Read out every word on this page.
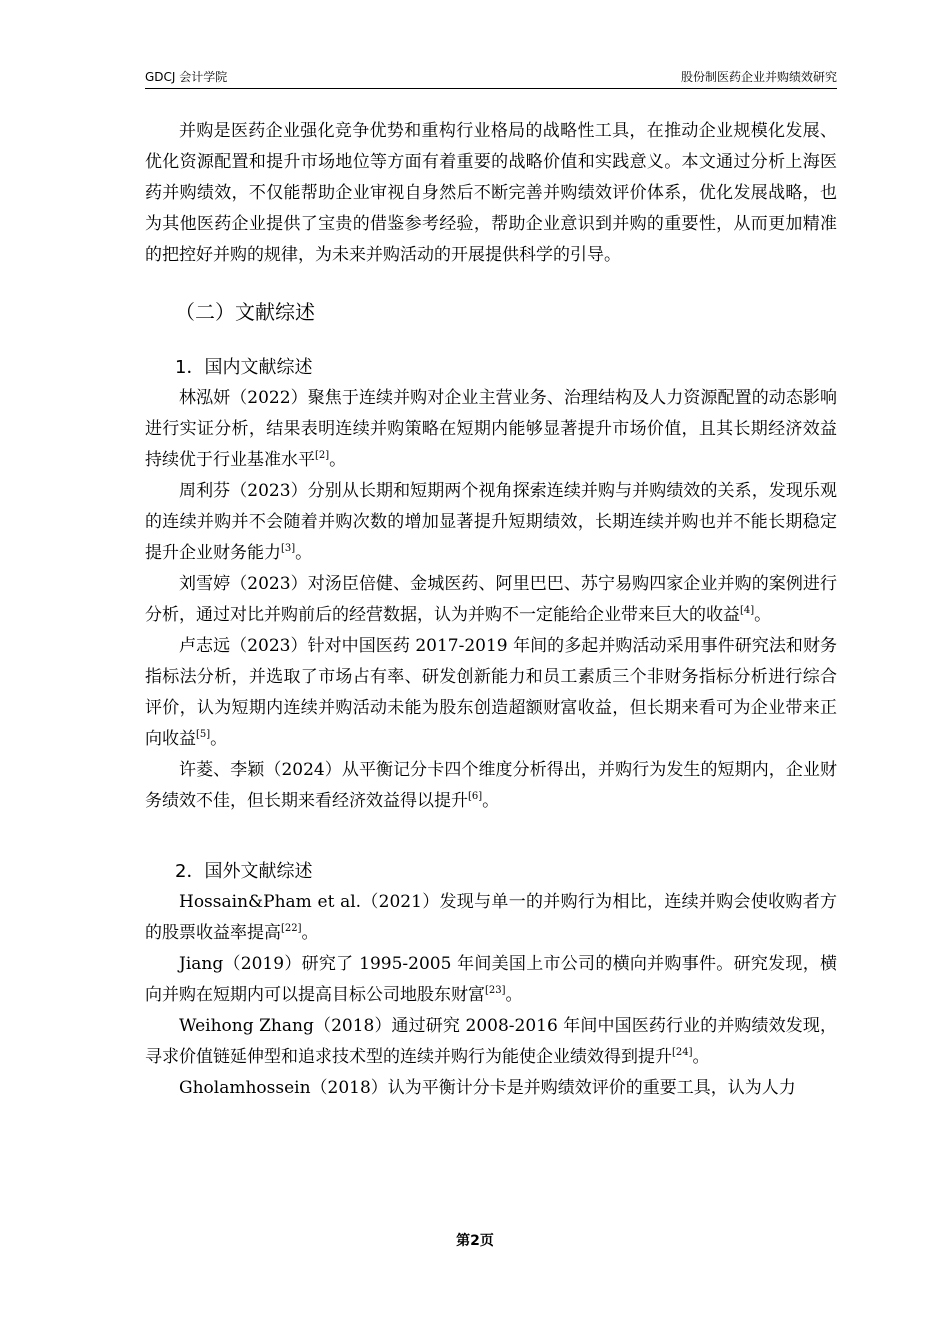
GDCJ 会计学院	股份制医药企业并购绩效研究

并购是医药企业强化竞争优势和重构行业格局的战略性工具，在推动企业规模化发展、优化资源配置和提升市场地位等方面有着重要的战略价值和实践意义。本文通过分析上海医药并购绩效，不仅能帮助企业审视自身然后不断完善并购绩效评价体系，优化发展战略，也为其他医药企业提供了宝贵的借鉴参考经验，帮助企业意识到并购的重要性，从而更加精准的把控好并购的规律，为未来并购活动的开展提供科学的引导。

（二）文献综述
1．国内文献综述

林泓妍（2022）聚焦于连续并购对企业主营业务、治理结构及人力资源配置的动态影响进行实证分析，结果表明连续并购策略在短期内能够显著提升市场价值，且其长期经济效益持续优于行业基准水平[2]。

周利芬（2023）分别从长期和短期两个视角探索连续并购与并购绩效的关系，发现乐观的连续并购并不会随着并购次数的增加显著提升短期绩效，长期连续并购也并不能长期稳定提升企业财务能力[3]。

刘雪婷（2023）对汤臣倍健、金城医药、阿里巴巴、苏宁易购四家企业并购的案例进行分析，通过对比并购前后的经营数据，认为并购不一定能给企业带来巨大的收益[4]。

卢志远（2023）针对中国医药 2017-2019 年间的多起并购活动采用事件研究法和财务指标法分析，并选取了市场占有率、研发创新能力和员工素质三个非财务指标分析进行综合评价，认为短期内连续并购活动未能为股东创造超额财富收益，但长期来看可为企业带来正向收益[5]。

许菱、李颖（2024）从平衡记分卡四个维度分析得出，并购行为发生的短期内，企业财务绩效不佳，但长期来看经济效益得以提升[6]。

2．国外文献综述

Hossain&Pham et al.（2021）发现与单一的并购行为相比，连续并购会使收购者方的股票收益率提高[22]。

Jiang（2019）研究了 1995-2005 年间美国上市公司的横向并购事件。研究发现，横向并购在短期内可以提高目标公司地股东财富[23]。

Weihong Zhang（2018）通过研究 2008-2016 年间中国医药行业的并购绩效发现，寻求价值链延伸型和追求技术型的连续并购行为能使企业绩效得到提升[24]。

Gholamhossein（2018）认为平衡计分卡是并购绩效评价的重要工具，认为人力

第2页
